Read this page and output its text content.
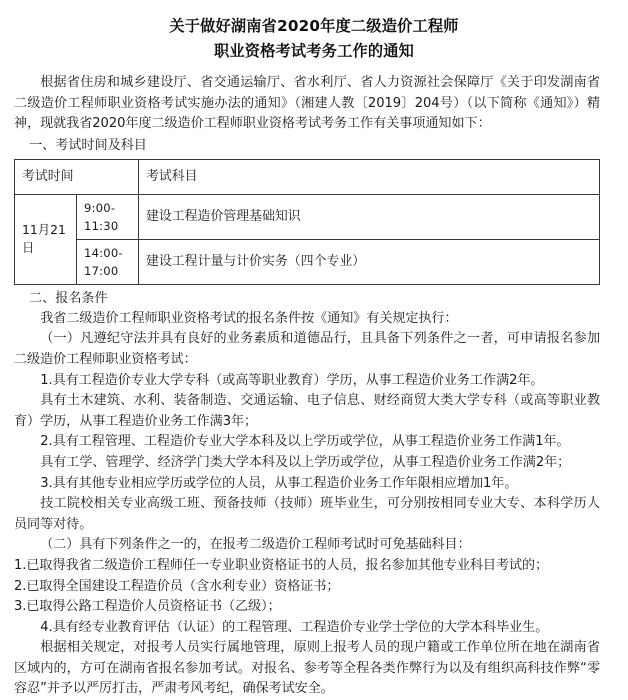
关于做好湖南省2020年度二级造价工程师
职业资格考试考务工作的通知

根据省住房和城乡建设厅、省交通运输厅、省水利厅、省人力资源社会保障厅《关于印发湖南省二级造价工程师职业资格考试实施办法的通知》（湘建人教〔2019〕204号）（以下简称《通知》）精神，现就我省2020年度二级造价工程师职业资格考试考务工作有关事项通知如下：

一、考试时间及科目

考试时间		考试科目
11月21日	9:00-11:30	建设工程造价管理基础知识
	14:00-17:00	建设工程计量与计价实务（四个专业）

二、报名条件

我省二级造价工程师职业资格考试的报名条件按《通知》有关规定执行：

（一）凡遵纪守法并具有良好的业务素质和道德品行，且具备下列条件之一者，可申请报名参加二级造价工程师职业资格考试：

1.具有工程造价专业大学专科（或高等职业教育）学历，从事工程造价业务工作满2年。

具有土木建筑、水利、装备制造、交通运输、电子信息、财经商贸大类大学专科（或高等职业教育）学历，从事工程造价业务工作满3年；

2.具有工程管理、工程造价专业大学本科及以上学历或学位，从事工程造价业务工作满1年。

具有工学、管理学、经济学门类大学本科及以上学历或学位，从事工程造价业务工作满2年；

3.具有其他专业相应学历或学位的人员，从事工程造价业务工作年限相应增加1年。

技工院校相关专业高级工班、预备技师（技师）班毕业生，可分别按相同专业大专、本科学历人员同等对待。

（二）具有下列条件之一的，在报考二级造价工程师考试时可免基础科目：

1.已取得我省二级造价工程师任一专业职业资格证书的人员，报名参加其他专业科目考试的；

2.已取得全国建设工程造价员（含水利专业）资格证书；

3.已取得公路工程造价人员资格证书（乙级）；

4.具有经专业教育评估（认证）的工程管理、工程造价专业学士学位的大学本科毕业生。

根据相关规定，对报考人员实行属地管理，原则上报考人员的现户籍或工作单位所在地在湖南省区域内的，方可在湖南省报名参加考试。对报名、参考等全程各类作弊行为以及有组织高科技作弊“零容忍”并予以严厉打击，严肃考风考纪，确保考试安全。
